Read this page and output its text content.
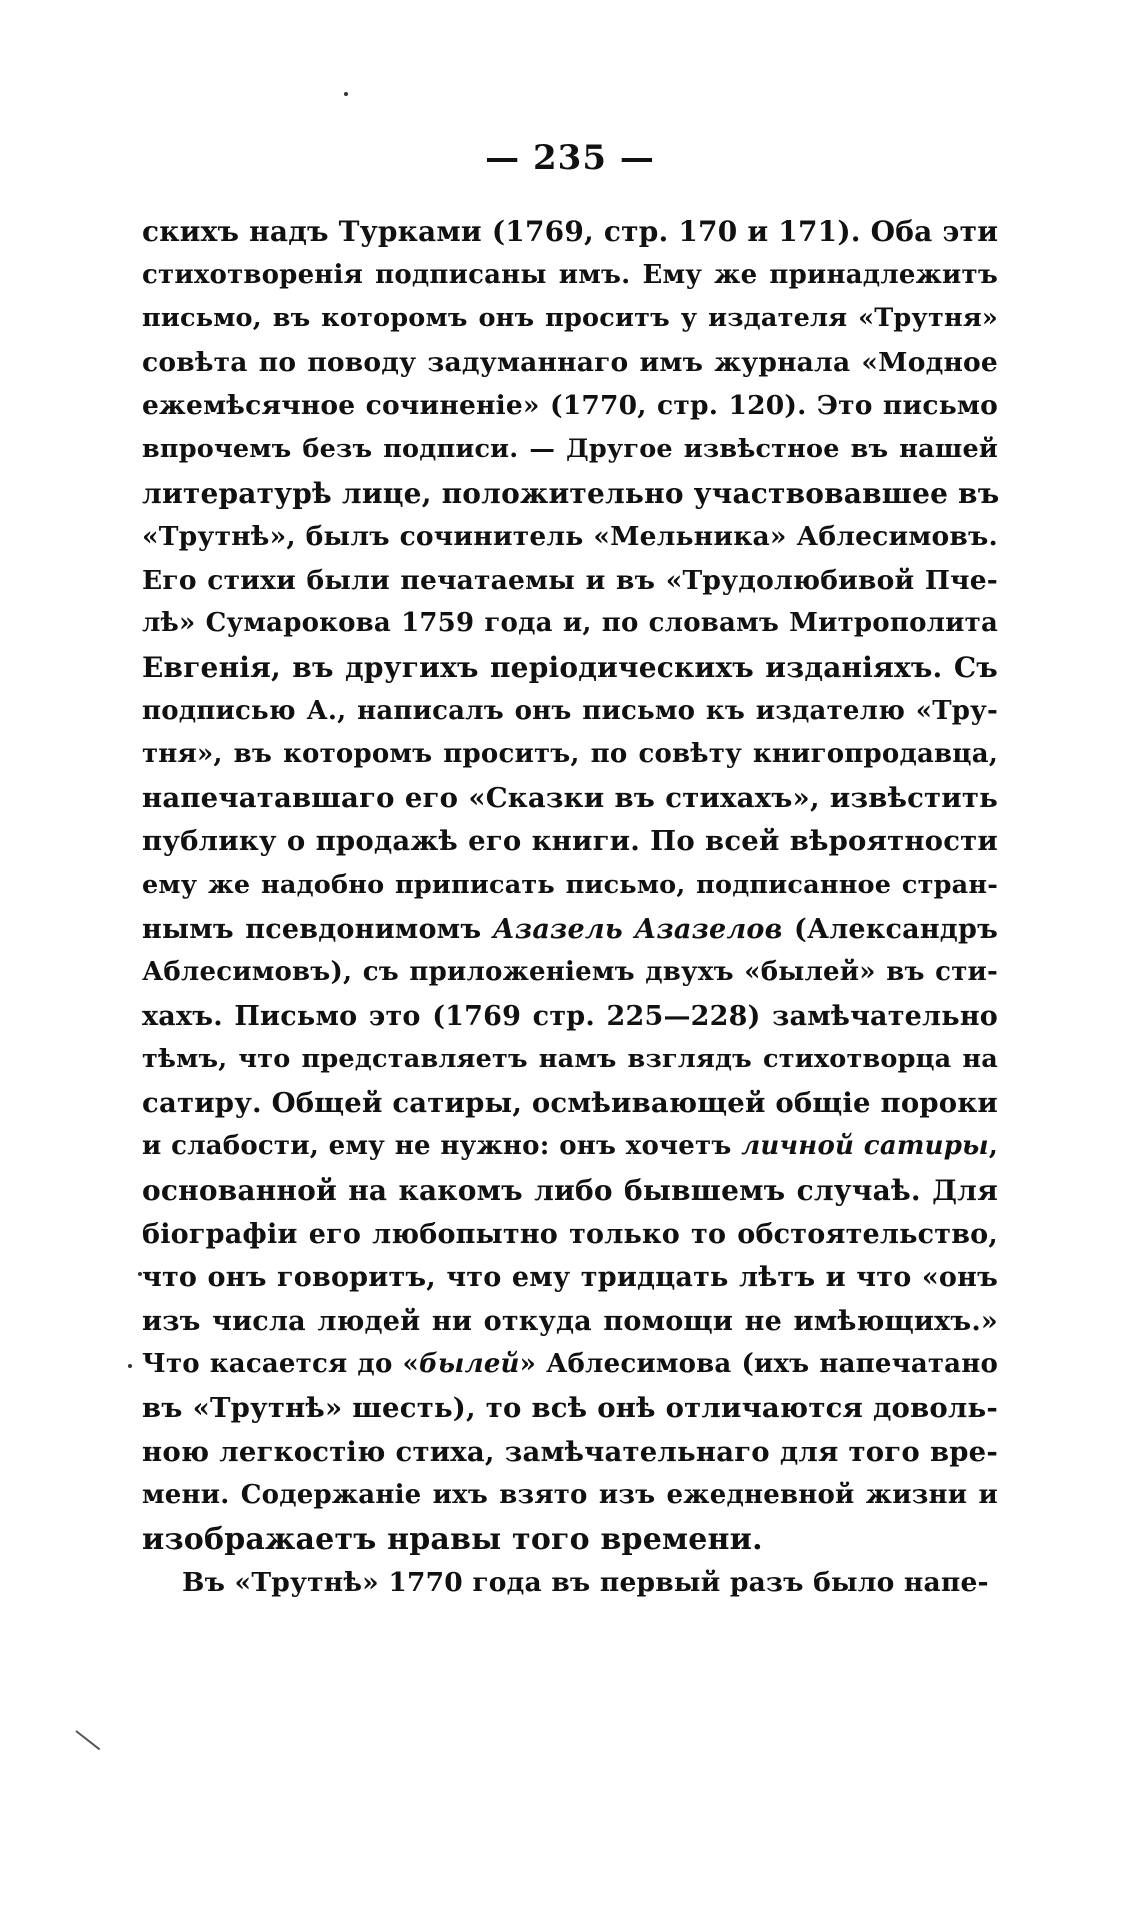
— 235 —
скихъ надъ Турками (1769, стр. 170 и 171). Оба эти
стихотворенія подписаны имъ. Ему же принадлежитъ
письмо, въ которомъ онъ проситъ у издателя «Трутня»
совѣта по поводу задуманнаго имъ журнала «Модное
ежемѣсячное сочиненіе» (1770, стр. 120). Это письмо
впрочемъ безъ подписи. — Другое извѣстное въ нашей
литературѣ лице, положительно участвовавшее въ
«Трутнѣ», былъ сочинитель «Мельника» Аблесимовъ.
Его стихи были печатаемы и въ «Трудолюбивой Пче-
лѣ» Сумарокова 1759 года и, по словамъ Митрополита
Евгенія, въ другихъ періодическихъ изданіяхъ. Съ
подписью А., написалъ онъ письмо къ издателю «Тру-
тня», въ которомъ проситъ, по совѣту книгопродавца,
напечатавшаго его «Сказки въ стихахъ», извѣстить
публику о продажѣ его книги. По всей вѣроятности
ему же надобно приписать письмо, подписанное стран-
нымъ псевдонимомъ Азазель Азазелов (Александръ
Аблесимовъ), съ приложеніемъ двухъ «былей» въ сти-
хахъ. Письмо это (1769 стр. 225—228) замѣчательно
тѣмъ, что представляетъ намъ взглядъ стихотворца на
сатиру. Общей сатиры, осмѣивающей общіе пороки
и слабости, ему не нужно: онъ хочетъ личной сатиры,
основанной на какомъ либо бывшемъ случаѣ. Для
біографіи его любопытно только то обстоятельство,
что онъ говоритъ, что ему тридцать лѣтъ и что «онъ
изъ числа людей ни откуда помощи не имѣющихъ.»
Что касается до «былей» Аблесимова (ихъ напечатано
въ «Трутнѣ» шесть), то всѣ онѣ отличаются доволь-
ною легкостію стиха, замѣчательнаго для того вре-
мени. Содержаніе ихъ взято изъ ежедневной жизни и
изображаетъ нравы того времени.
Въ «Трутнѣ» 1770 года въ первый разъ было напе-
